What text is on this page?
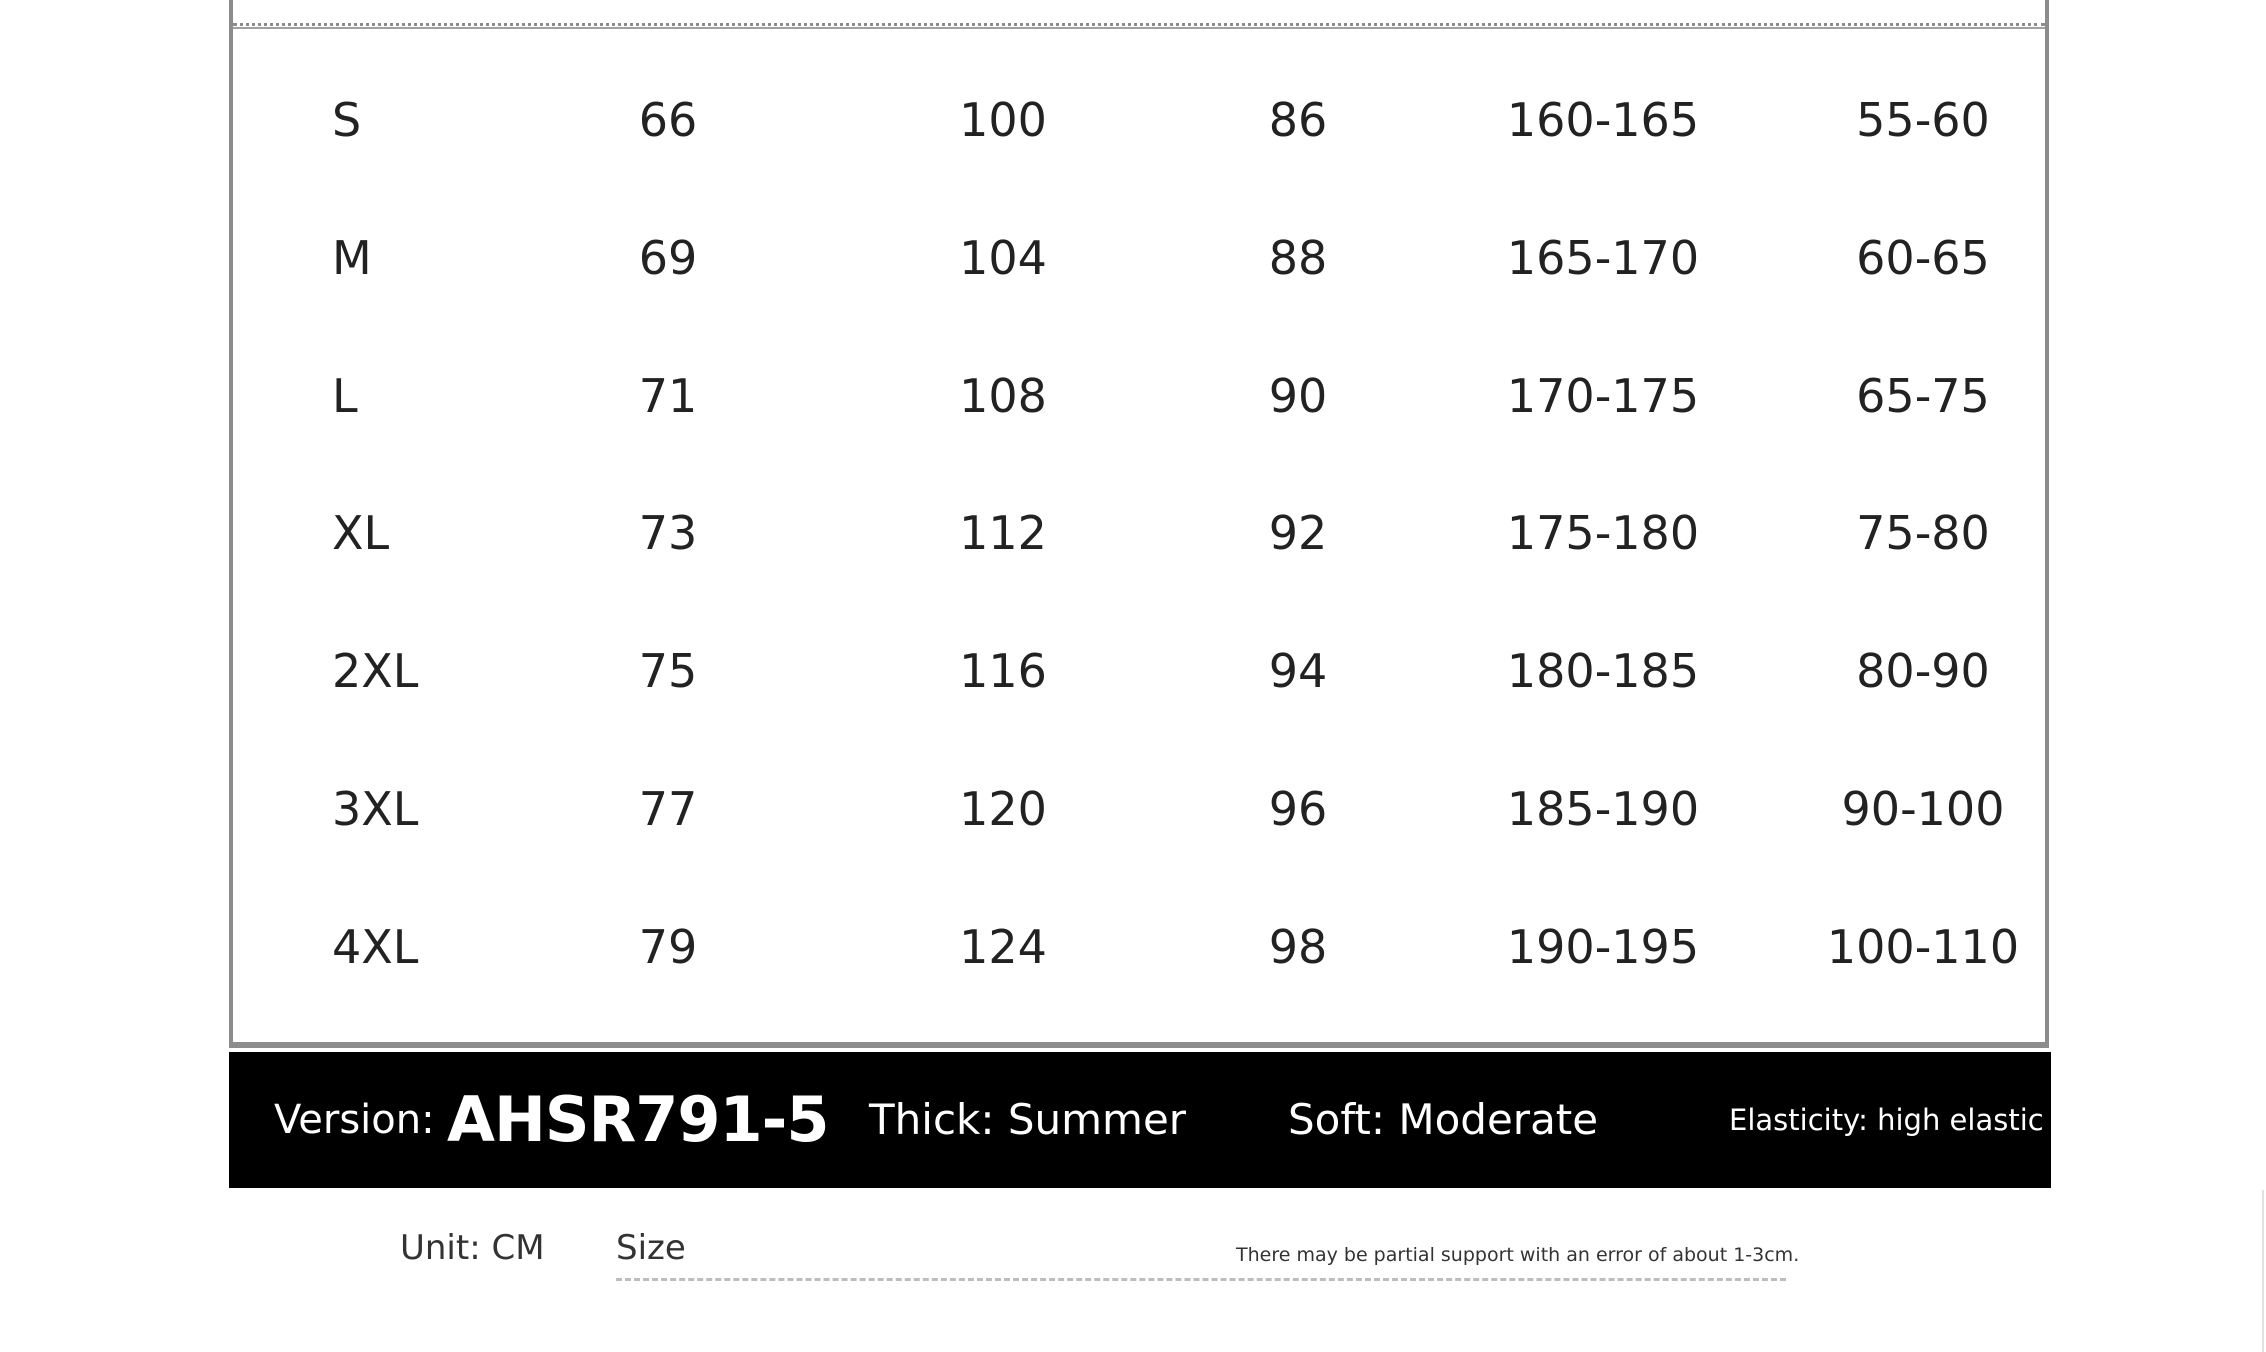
S	66	100	86	160-165	55-60
M	69	104	88	165-170	60-65
L	71	108	90	170-175	65-75
XL	73	112	92	175-180	75-80
2XL	75	116	94	180-185	80-90
3XL	77	120	96	185-190	90-100
4XL	79	124	98	190-195	100-110
Version: AHSR791-5 Thick: Summer Soft: Moderate	Elasticity: high elastic
Unit: CM Size	There may be partial support with an error of about 1-3cm.
